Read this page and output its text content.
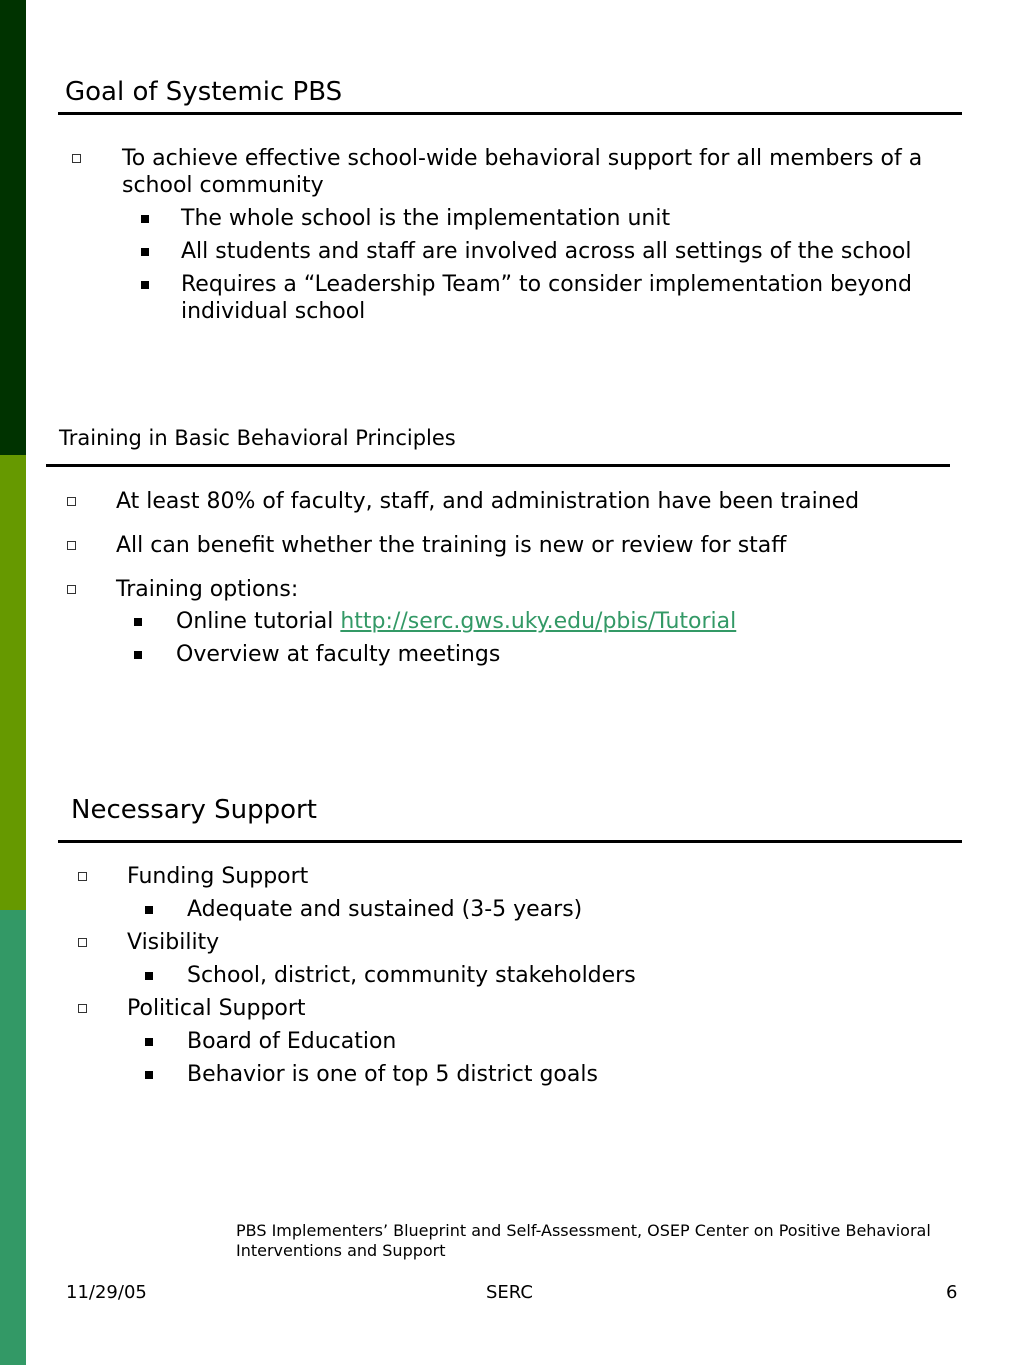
Goal of Systemic PBS
To achieve effective school-wide behavioral support for all members of a school community
The whole school is the implementation unit
All students and staff are involved across all settings of the school
Requires a “Leadership Team” to consider implementation beyond individual school
Training in Basic Behavioral Principles
At least 80% of faculty, staff, and administration have been trained
All can benefit whether the training is new or review for staff
Training options:
Online tutorial http://serc.gws.uky.edu/pbis/Tutorial
Overview at faculty meetings
Necessary Support
Funding Support
Adequate and sustained (3-5 years)
Visibility
School, district, community stakeholders
Political Support
Board of Education
Behavior is one of top 5 district goals
PBS Implementers’ Blueprint and Self-Assessment, OSEP Center on Positive Behavioral Interventions and Support
11/29/05	SERC	6
